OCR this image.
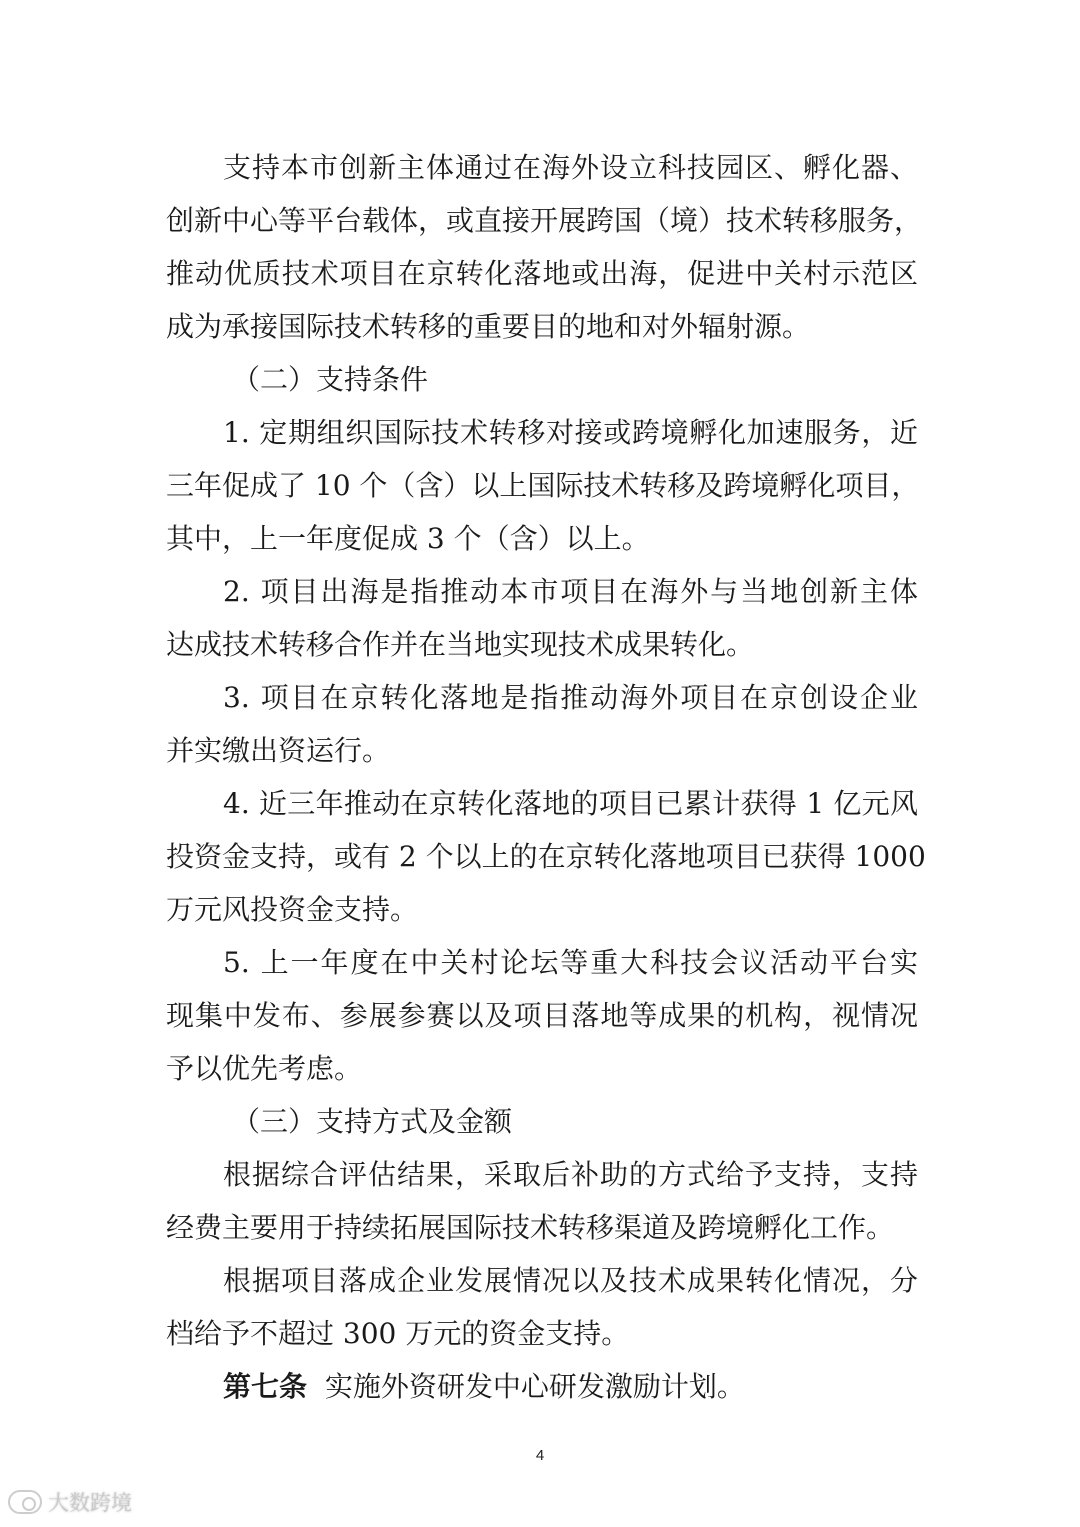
支持本市创新主体通过在海外设立科技园区、孵化器、
创新中心等平台载体，或直接开展跨国（境）技术转移服务，
推动优质技术项目在京转化落地或出海，促进中关村示范区
成为承接国际技术转移的重要目的地和对外辐射源。
（二）支持条件
1. 定期组织国际技术转移对接或跨境孵化加速服务，近
三年促成了 10 个（含）以上国际技术转移及跨境孵化项目，
其中，上一年度促成 3 个（含）以上。
2. 项目出海是指推动本市项目在海外与当地创新主体
达成技术转移合作并在当地实现技术成果转化。
3. 项目在京转化落地是指推动海外项目在京创设企业
并实缴出资运行。
4. 近三年推动在京转化落地的项目已累计获得 1 亿元风
投资金支持，或有 2 个以上的在京转化落地项目已获得 1000
万元风投资金支持。
5. 上一年度在中关村论坛等重大科技会议活动平台实
现集中发布、参展参赛以及项目落地等成果的机构，视情况
予以优先考虑。
（三）支持方式及金额
根据综合评估结果，采取后补助的方式给予支持，支持
经费主要用于持续拓展国际技术转移渠道及跨境孵化工作。
根据项目落成企业发展情况以及技术成果转化情况，分
档给予不超过 300 万元的资金支持。
第七条 实施外资研发中心研发激励计划。
4
大数跨境
